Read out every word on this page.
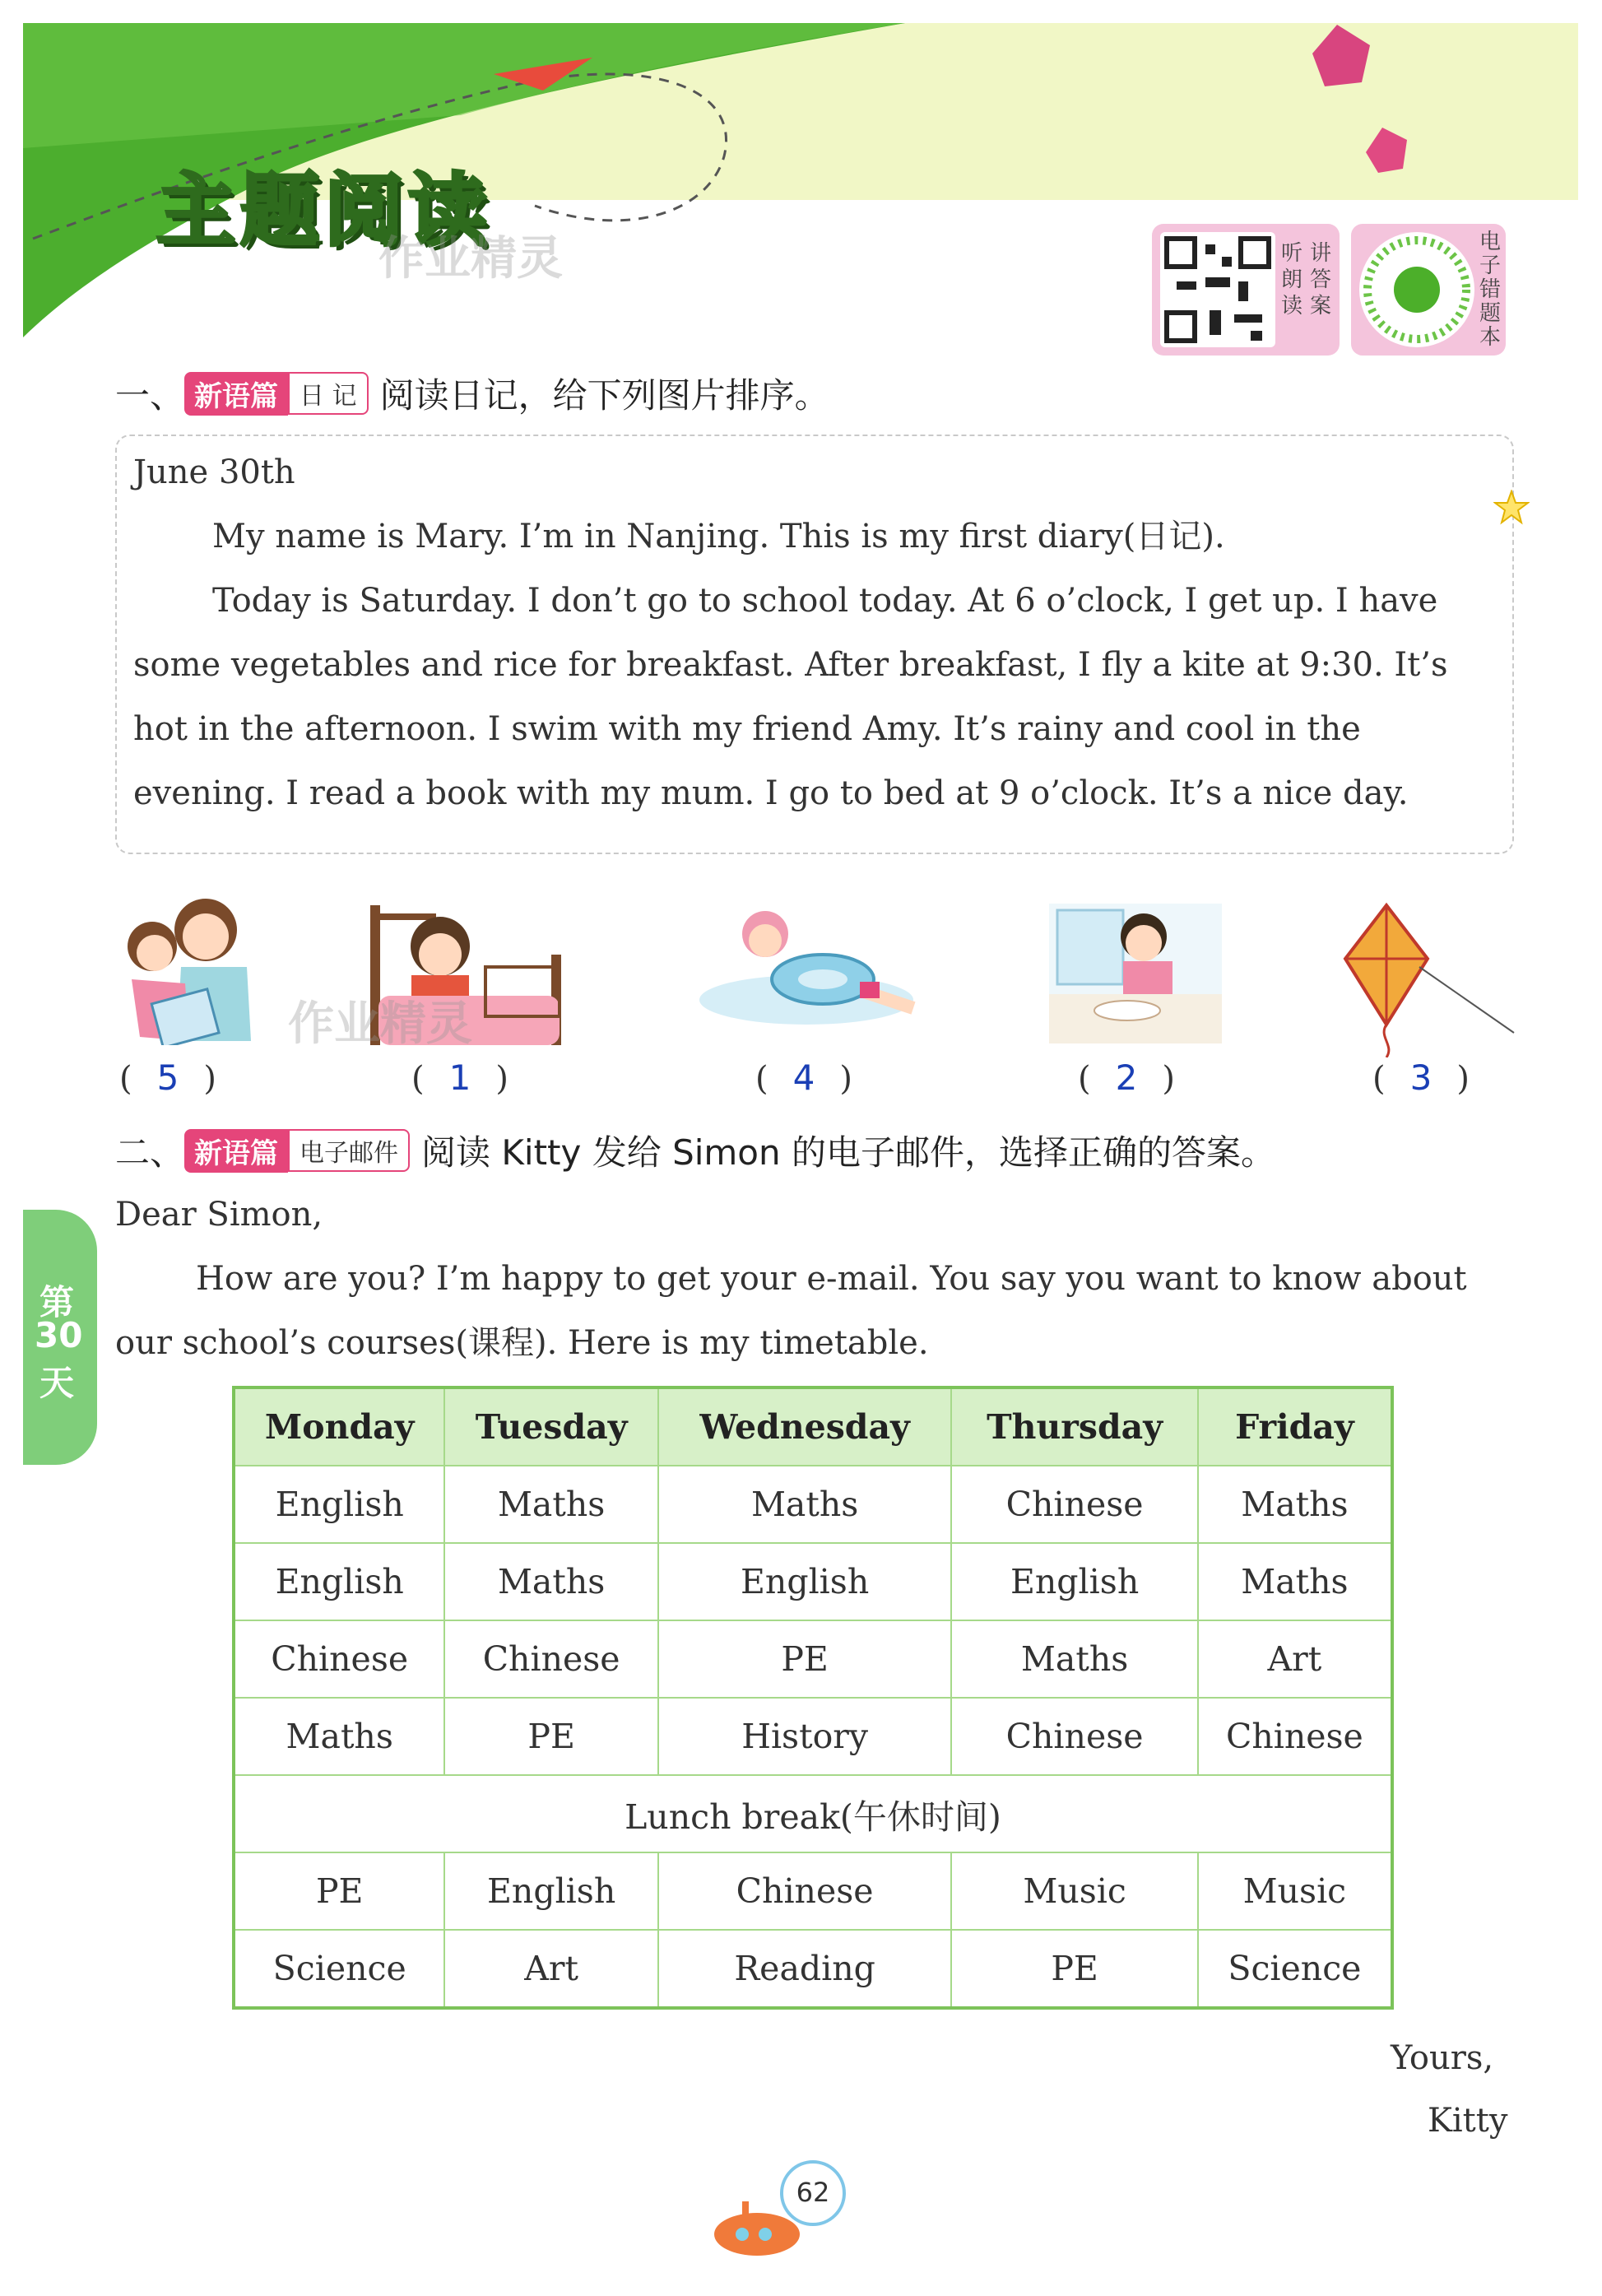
主题阅读
作业精灵	听
朗
读
讲
答
案
电子错题本
一、 新语篇 日 记 阅读日记，给下列图片排序。
June 30th
My name is Mary. I’m in Nanjing. This is my first diary(日记).
Today is Saturday. I don’t go to school today. At 6 o’clock, I get up. I have
some vegetables and rice for breakfast. After breakfast, I fly a kite at 9:30. It’s
hot in the afternoon. I swim with my friend Amy. It’s rainy and cool in the
evening. I read a book with my mum. I go to bed at 9 o’clock. It’s a nice day.
作业精灵
( 5 )	( 1 )	( 4 )	( 2 )	( 3 )
二、 新语篇 电子邮件 阅读 Kitty 发给 Simon 的电子邮件，选择正确的答案。
Dear Simon,
How are you? I’m happy to get your e-mail. You say you want to know about
our school’s courses(课程). Here is my timetable.
第
30
天
Monday	Tuesday	Wednesday	Thursday	Friday
English	Maths	Maths	Chinese	Maths
English	Maths	English	English	Maths
Chinese	Chinese	PE	Maths	Art
Maths	PE	History	Chinese	Chinese
Lunch break(午休时间)				
PE	English	Chinese	Music	Music
Science	Art	Reading	PE	Science
Yours,
Kitty
62
